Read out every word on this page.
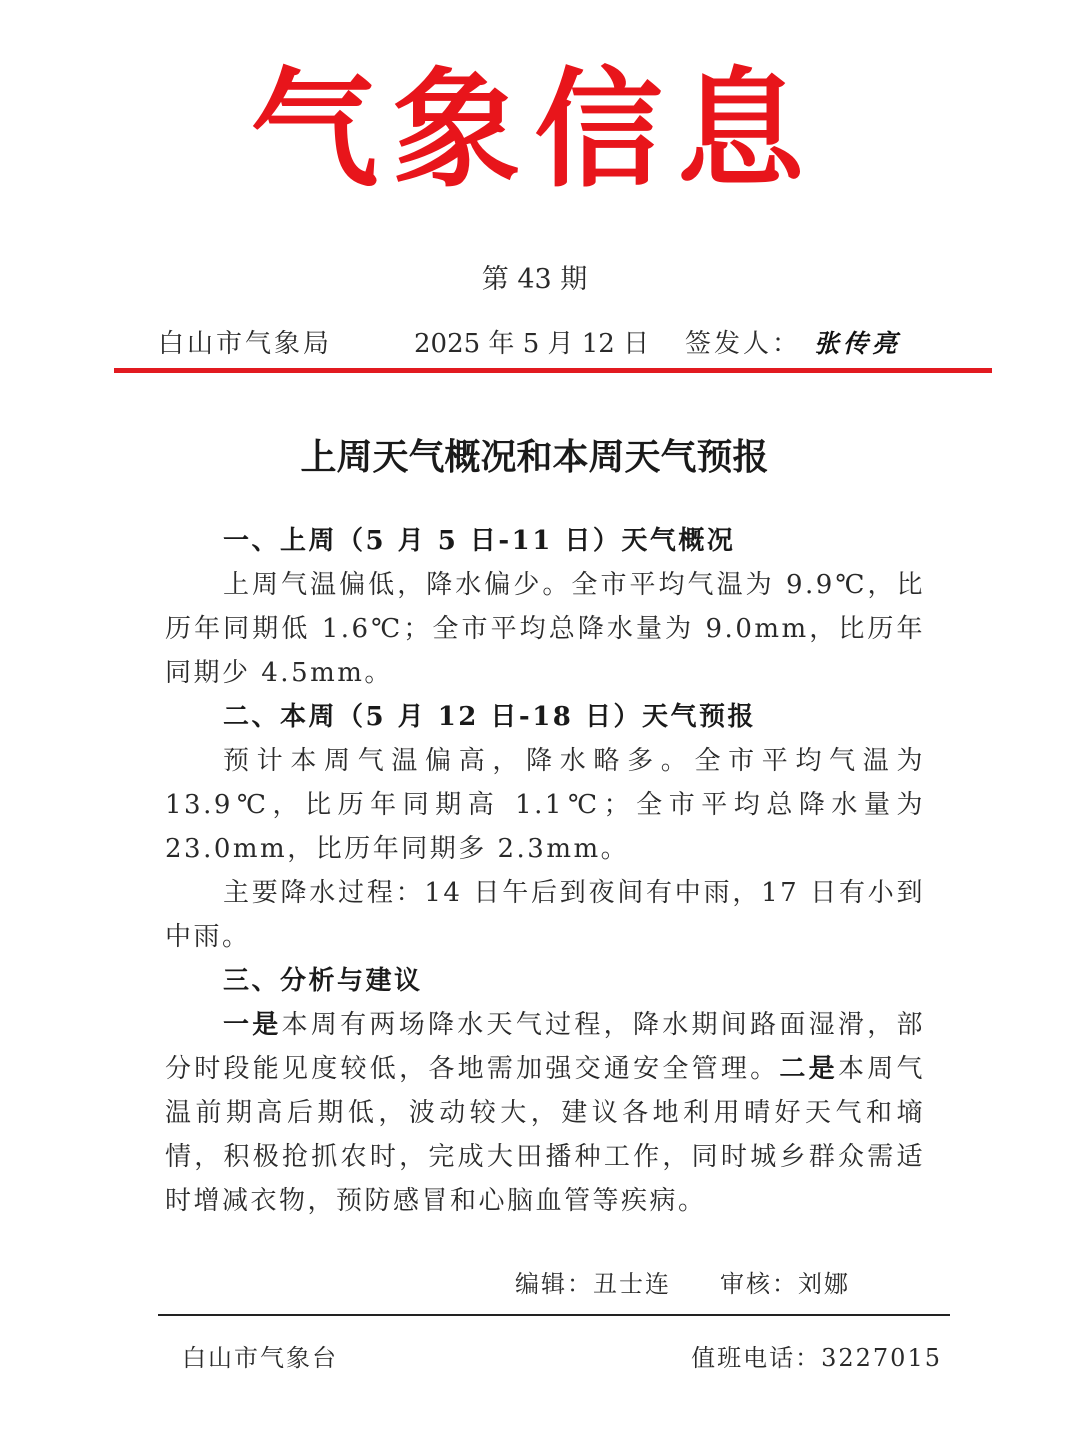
气象信息
第 43 期
白山市气象局	2025 年 5 月 12 日 签发人： 张传亮
上周天气概况和本周天气预报
一、上周（5 月 5 日-11 日）天气概况

上周气温偏低，降水偏少。全市平均气温为 9.9℃，比历年同期低 1.6℃；全市平均总降水量为 9.0mm，比历年同期少 4.5mm。

二、本周（5 月 12 日-18 日）天气预报

预计本周气温偏高，降水略多。全市平均气温为 13.9℃，比历年同期高 1.1℃；全市平均总降水量为 23.0mm，比历年同期多 2.3mm。

主要降水过程：14 日午后到夜间有中雨，17 日有小到中雨。

三、分析与建议

一是本周有两场降水天气过程，降水期间路面湿滑，部分时段能见度较低，各地需加强交通安全管理。二是本周气温前期高后期低，波动较大，建议各地利用晴好天气和墒情，积极抢抓农时，完成大田播种工作，同时城乡群众需适时增减衣物，预防感冒和心脑血管等疾病。

编辑：丑士连 审核：刘娜
白山市气象台	值班电话：3227015
